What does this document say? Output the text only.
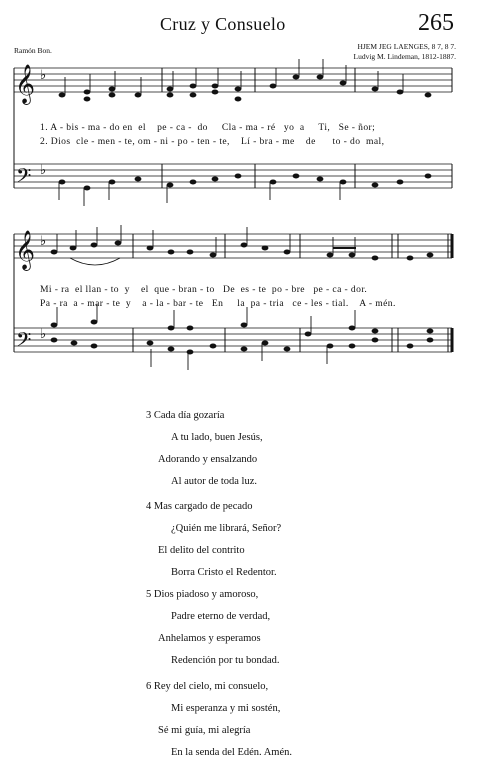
Cruz y Consuelo	265
Ramón Bon.	HJEM JEG LAENGES, 8 7, 8 7.
Ludvig M. Lindeman, 1812-1887.
𝄞
𝄢
𝄞
𝄢
♭
♭
♭
♭
1. A - bis - ma - do en  el    pe - ca -  do     Cla - ma - ré   yo  a     Ti,   Se - ñor;
2. Dios  cle - men - te, om - ni - po - ten - te,    Lí - bra - me    de      to - do  mal,
Mi - ra  el llan - to  y    el  que - bran - to   De  es - te  po - bre   pe - ca - dor.
Pa - ra  a - mar - te  y    a - la - bar - te   En     la  pa - tria   ce - les - tial.    A - mén.
3 Cada día gozaría
A tu lado, buen Jesús,
Adorando y ensalzando
Al autor de toda luz.
4 Mas cargado de pecado
¿Quién me librará, Señor?
El delito del contrito
Borra Cristo el Redentor.
5 Dios piadoso y amoroso,
Padre eterno de verdad,
Anhelamos y esperamos
Redención por tu bondad.
6 Rey del cielo, mi consuelo,
Mi esperanza y mi sostén,
Sé mi guía, mi alegría
En la senda del Edén. Amén.
